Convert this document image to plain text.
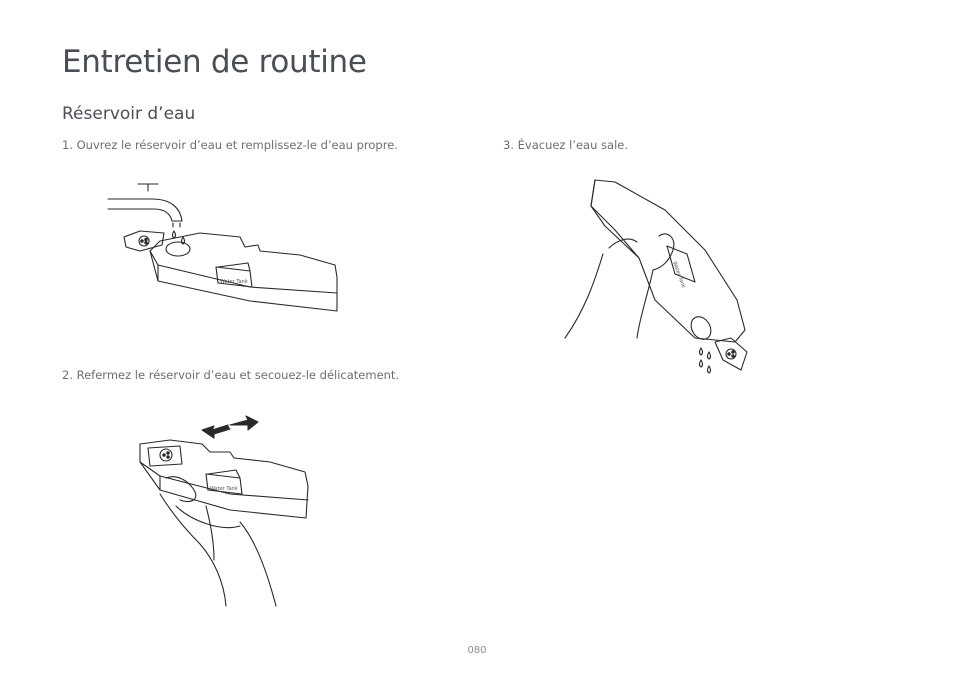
Entretien de routine
Réservoir d’eau
1. Ouvrez le réservoir d’eau et remplissez-le d’eau propre.
2. Refermez le réservoir d’eau et secouez-le délicatement.
3. Évacuez l’eau sale.
Water Tank
Water Tank
Water Tank
080
